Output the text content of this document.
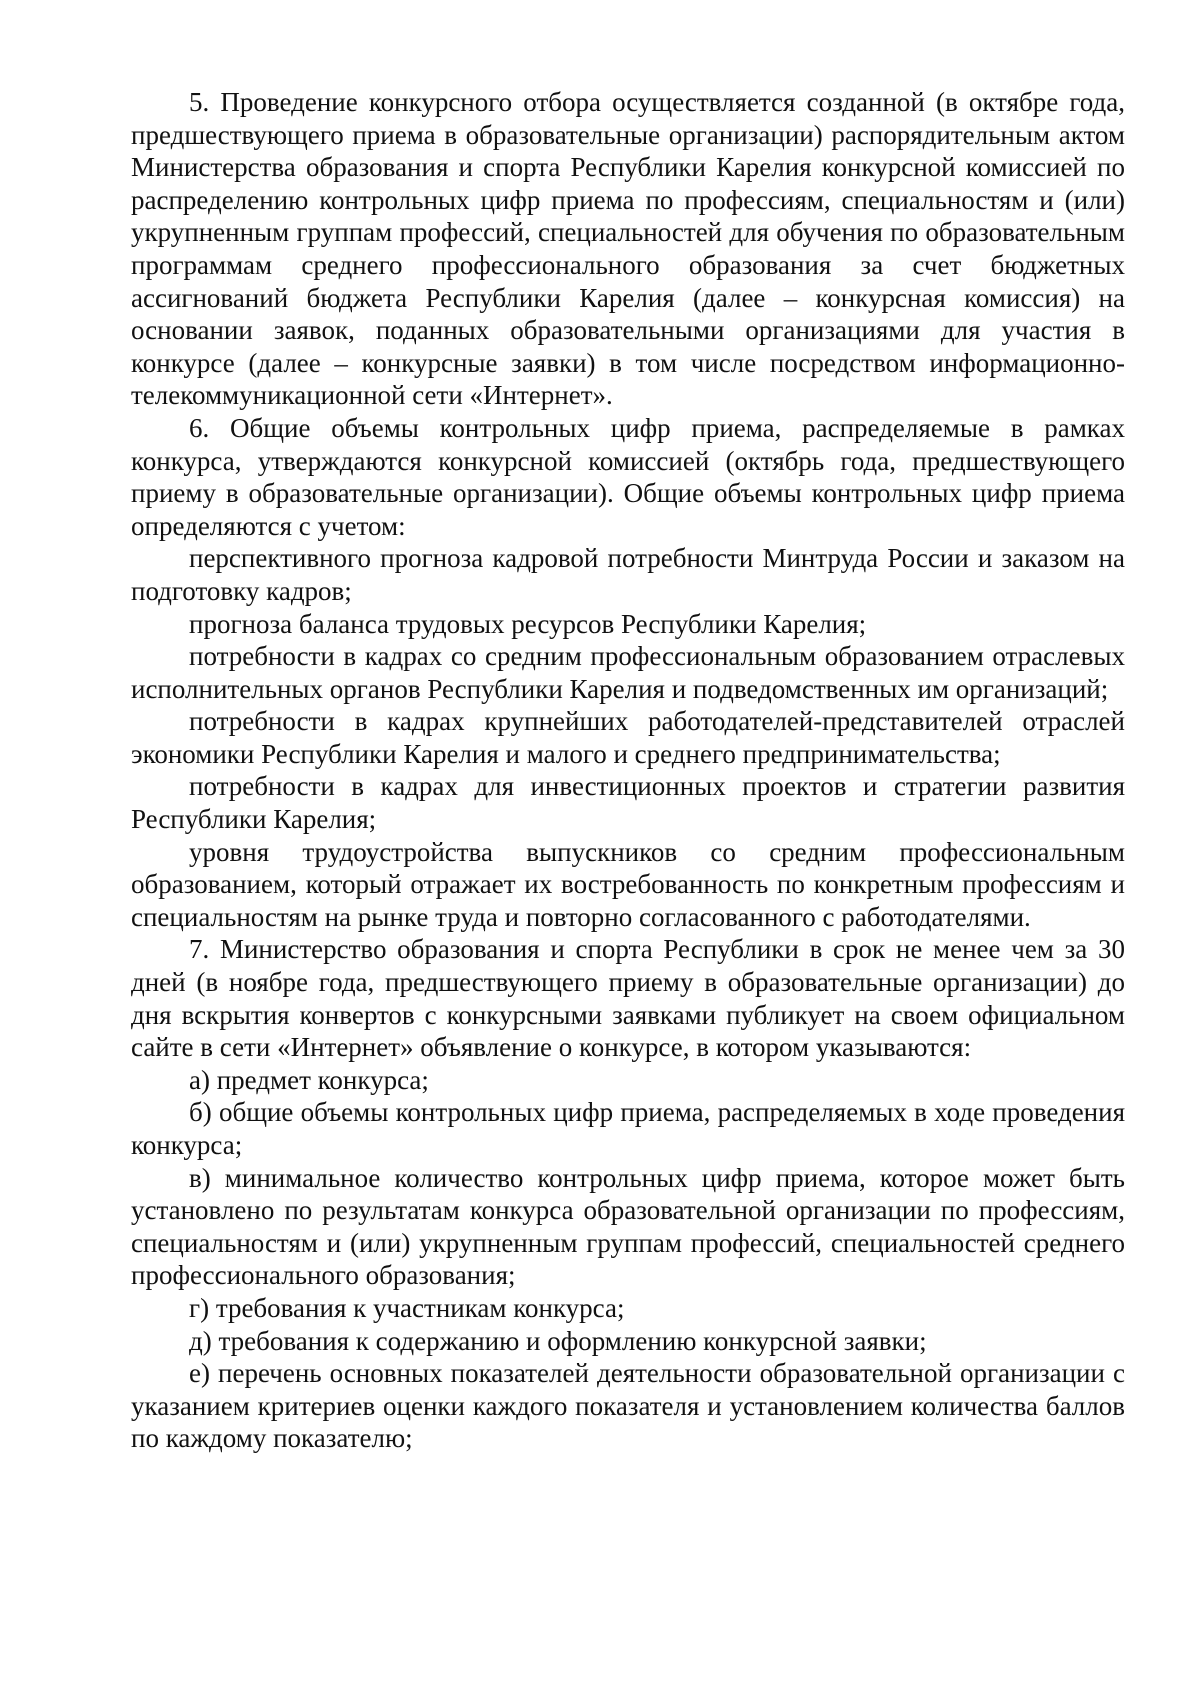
5. Проведение конкурсного отбора осуществляется созданной (в октябре года, предшествующего приема в образовательные организации) распорядительным актом Министерства образования и спорта Республики Карелия конкурсной комиссией по распределению контрольных цифр приема по профессиям, специальностям и (или) укрупненным группам профессий, специальностей для обучения по образовательным программам среднего профессионального образования за счет бюджетных ассигнований бюджета Республики Карелия (далее – конкурсная комиссия) на основании заявок, поданных образовательными организациями для участия в конкурсе (далее – конкурсные заявки) в том числе посредством информационно-телекоммуникационной сети «Интернет».

6. Общие объемы контрольных цифр приема, распределяемые в рамках конкурса, утверждаются конкурсной комиссией (октябрь года, предшествующего приему в образовательные организации). Общие объемы контрольных цифр приема определяются с учетом:

перспективного прогноза кадровой потребности Минтруда России и заказом на подготовку кадров;

прогноза баланса трудовых ресурсов Республики Карелия;

потребности в кадрах со средним профессиональным образованием отраслевых исполнительных органов Республики Карелия и подведомственных им организаций;

потребности в кадрах крупнейших работодателей-представителей отраслей экономики Республики Карелия и малого и среднего предпринимательства;

потребности в кадрах для инвестиционных проектов и стратегии развития Республики Карелия;

уровня трудоустройства выпускников со средним профессиональным образованием, который отражает их востребованность по конкретным профессиям и специальностям на рынке труда и повторно согласованного с работодателями.

7. Министерство образования и спорта Республики в срок не менее чем за 30 дней (в ноябре года, предшествующего приему в образовательные организации) до дня вскрытия конвертов с конкурсными заявками публикует на своем официальном сайте в сети «Интернет» объявление о конкурсе, в котором указываются:

а) предмет конкурса;

б) общие объемы контрольных цифр приема, распределяемых в ходе проведения конкурса;

в) минимальное количество контрольных цифр приема, которое может быть установлено по результатам конкурса образовательной организации по профессиям, специальностям и (или) укрупненным группам профессий, специальностей среднего профессионального образования;

г) требования к участникам конкурса;

д) требования к содержанию и оформлению конкурсной заявки;

е) перечень основных показателей деятельности образовательной организации с указанием критериев оценки каждого показателя и установлением количества баллов по каждому показателю;
